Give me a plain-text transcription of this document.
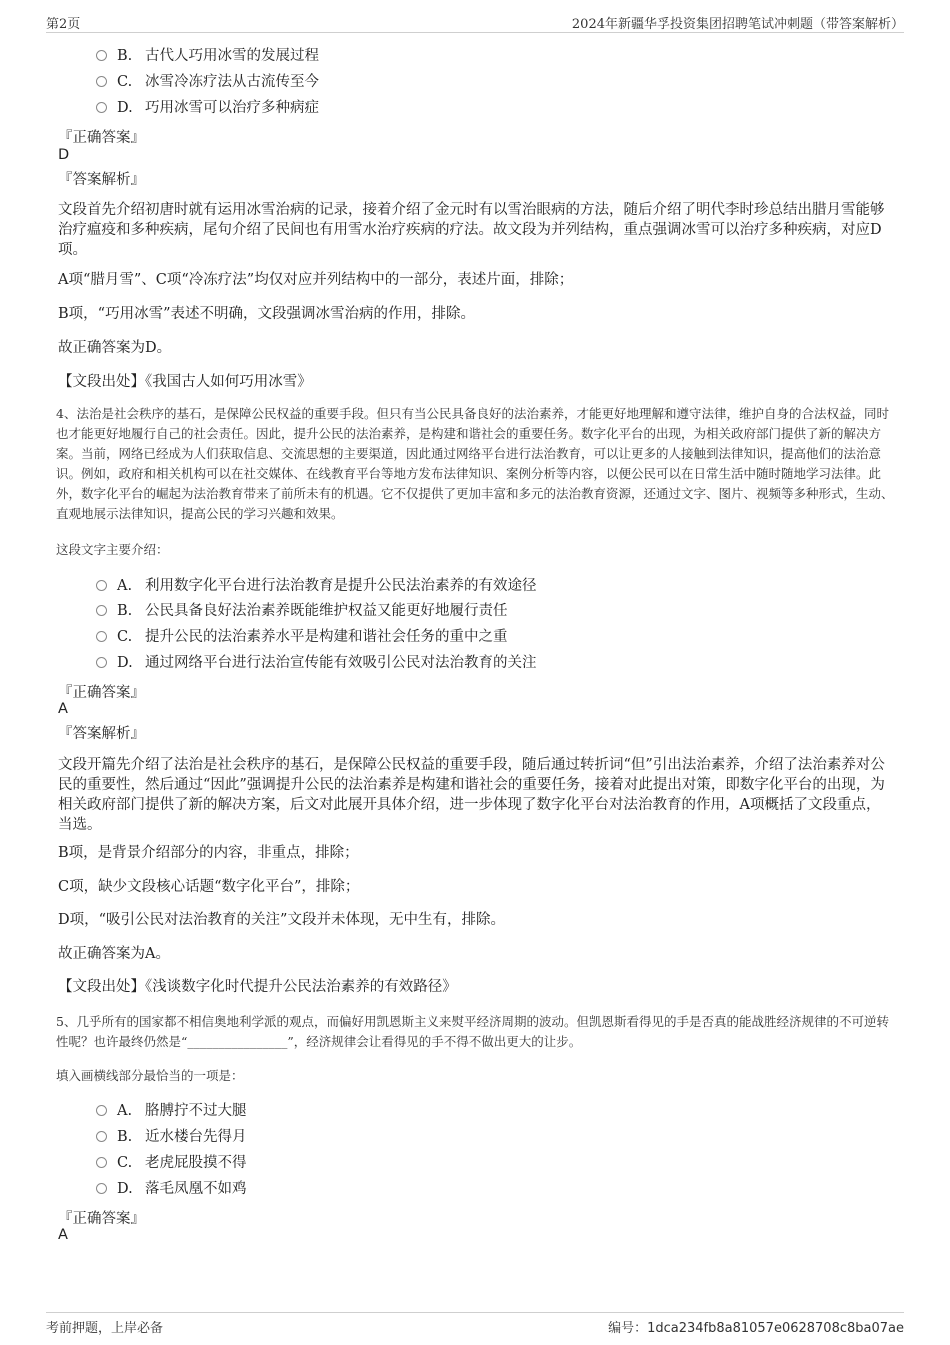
第2页	2024年新疆华孚投资集团招聘笔试冲刺题（带答案解析）
B. 古代人巧用冰雪的发展过程
C. 冰雪冷冻疗法从古流传至今
D. 巧用冰雪可以治疗多种病症
『正确答案』
D
『答案解析』
文段首先介绍初唐时就有运用冰雪治病的记录，接着介绍了金元时有以雪治眼病的方法，随后介绍了明代李时珍总结出腊月雪能够治疗瘟疫和多种疾病，尾句介绍了民间也有用雪水治疗疾病的疗法。故文段为并列结构，重点强调冰雪可以治疗多种疾病，对应D项。
A项“腊月雪”、C项“冷冻疗法”均仅对应并列结构中的一部分，表述片面，排除；
B项，“巧用冰雪”表述不明确，文段强调冰雪治病的作用，排除。
故正确答案为D。
【文段出处】《我国古人如何巧用冰雪》
4、法治是社会秩序的基石，是保障公民权益的重要手段。但只有当公民具备良好的法治素养，才能更好地理解和遵守法律，维护自身的合法权益，同时也才能更好地履行自己的社会责任。因此，提升公民的法治素养，是构建和谐社会的重要任务。数字化平台的出现，为相关政府部门提供了新的解决方案。当前，网络已经成为人们获取信息、交流思想的主要渠道，因此通过网络平台进行法治教育，可以让更多的人接触到法律知识，提高他们的法治意识。例如，政府和相关机构可以在社交媒体、在线教育平台等地方发布法律知识、案例分析等内容，以便公民可以在日常生活中随时随地学习法律。此外，数字化平台的崛起为法治教育带来了前所未有的机遇。它不仅提供了更加丰富和多元的法治教育资源，还通过文字、图片、视频等多种形式，生动、直观地展示法律知识，提高公民的学习兴趣和效果。
这段文字主要介绍：
A. 利用数字化平台进行法治教育是提升公民法治素养的有效途径
B. 公民具备良好法治素养既能维护权益又能更好地履行责任
C. 提升公民的法治素养水平是构建和谐社会任务的重中之重
D. 通过网络平台进行法治宣传能有效吸引公民对法治教育的关注
『正确答案』
A
『答案解析』
文段开篇先介绍了法治是社会秩序的基石，是保障公民权益的重要手段，随后通过转折词“但”引出法治素养，介绍了法治素养对公民的重要性，然后通过“因此”强调提升公民的法治素养是构建和谐社会的重要任务，接着对此提出对策，即数字化平台的出现，为相关政府部门提供了新的解决方案，后文对此展开具体介绍，进一步体现了数字化平台对法治教育的作用，A项概括了文段重点，当选。
B项，是背景介绍部分的内容，非重点，排除；
C项，缺少文段核心话题“数字化平台”，排除；
D项，“吸引公民对法治教育的关注”文段并未体现，无中生有，排除。
故正确答案为A。
【文段出处】《浅谈数字化时代提升公民法治素养的有效路径》
5、几乎所有的国家都不相信奥地利学派的观点，而偏好用凯恩斯主义来熨平经济周期的波动。但凯恩斯看得见的手是否真的能战胜经济规律的不可逆转性呢？也许最终仍然是“________________”，经济规律会让看得见的手不得不做出更大的让步。
填入画横线部分最恰当的一项是：
A. 胳膊拧不过大腿
B. 近水楼台先得月
C. 老虎屁股摸不得
D. 落毛凤凰不如鸡
『正确答案』
A
考前押题，上岸必备	编号：1dca234fb8a81057e0628708c8ba07ae
